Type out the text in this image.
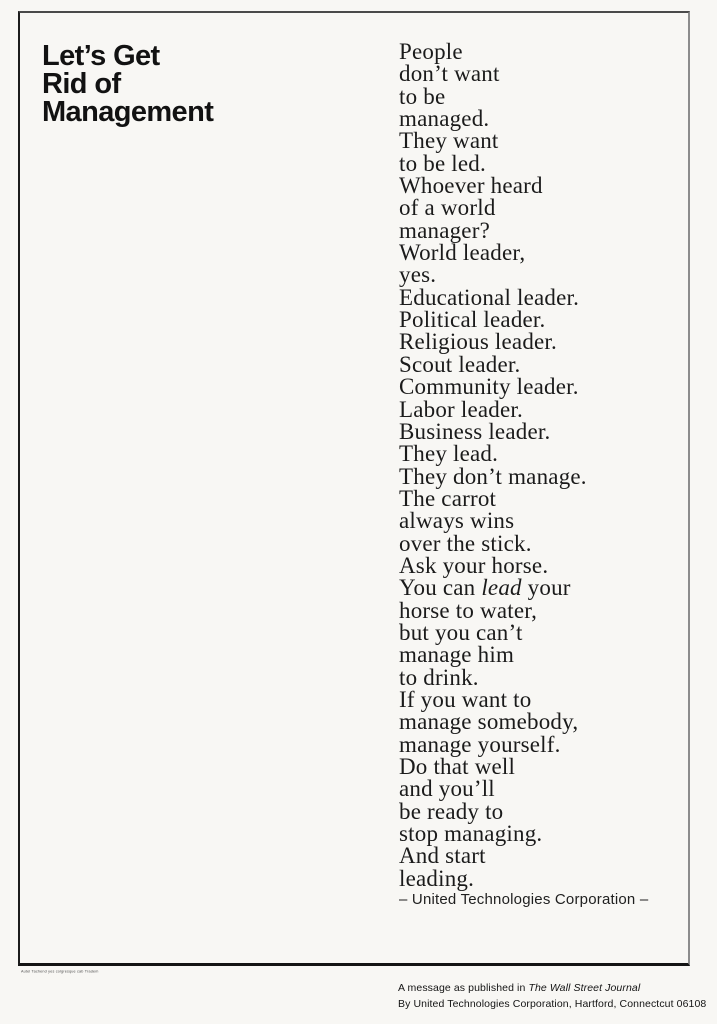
Let’s Get
Rid of
Management
People
don’t want
to be
managed.
They want
to be led.
Whoever heard
of a world
manager?
World leader,
yes.
Educational leader.
Political leader.
Religious leader.
Scout leader.
Community leader.
Labor leader.
Business leader.
They lead.
They don’t manage.
The carrot
always wins
over the stick.
Ask your horse.
You can lead your
horse to water,
but you can’t
manage him
to drink.
If you want to
manage somebody,
manage yourself.
Do that well
and you’ll
be ready to
stop managing.
And start
leading.
– United Technologies Corporation –
Autel Tachend yes colgresque cab Tradem
A message as published in The Wall Street Journal
By United Technologies Corporation, Hartford, Connectcut 06108
